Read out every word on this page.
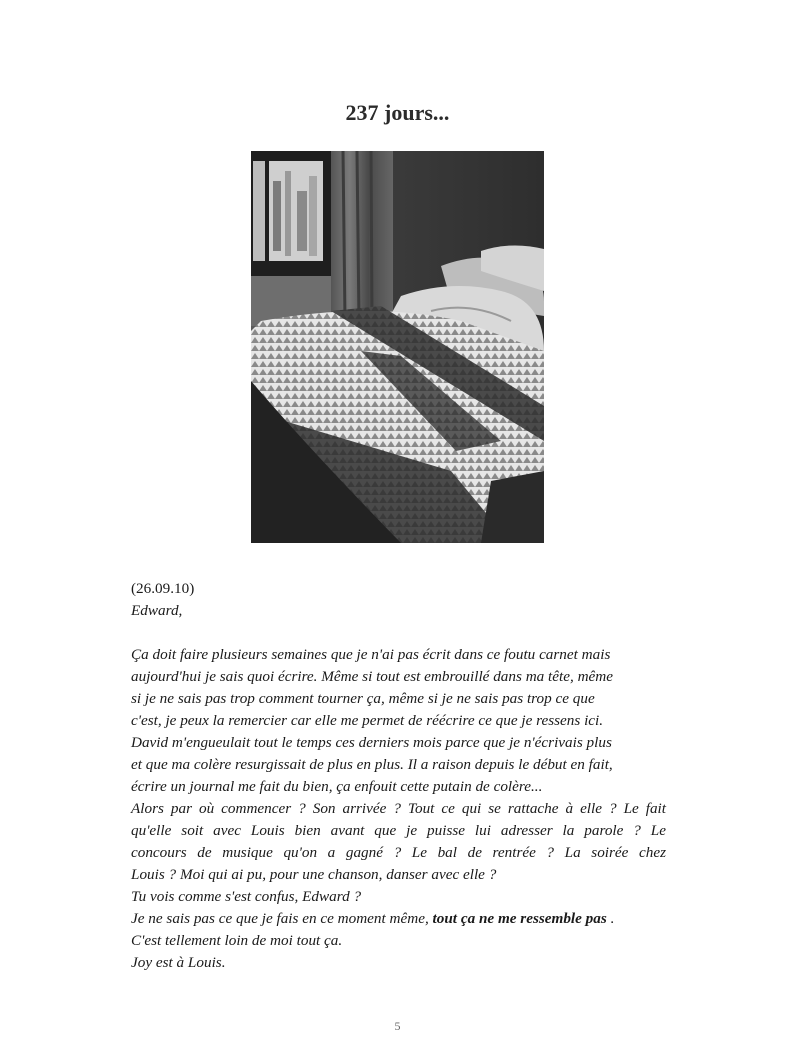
237 jours...

(26.09.10)

Edward,

Ça doit faire plusieurs semaines que je n'ai pas écrit dans ce foutu carnet mais

aujourd'hui je sais quoi écrire. Même si tout est embrouillé dans ma tête, même

si je ne sais pas trop comment tourner ça, même si je ne sais pas trop ce que

c'est, je peux la remercier car elle me permet de réécrire ce que je ressens ici.

David m'engueulait tout le temps ces derniers mois parce que je n'écrivais plus

et que ma colère resurgissait de plus en plus. Il a raison depuis le début en fait,

écrire un journal me fait du bien, ça enfouit cette putain de colère...

Alors par où commencer ? Son arrivée ? Tout ce qui se rattache à elle ? Le fait

qu'elle soit avec Louis bien avant que je puisse lui adresser la parole ? Le

concours de musique qu'on a gagné ? Le bal de rentrée ? La soirée chez

Louis ? Moi qui ai pu, pour une chanson, danser avec elle ?

Tu vois comme s'est confus, Edward ?

Je ne sais pas ce que je fais en ce moment même, tout ça ne me ressemble pas .

C'est tellement loin de moi tout ça.

Joy est à Louis.

5
